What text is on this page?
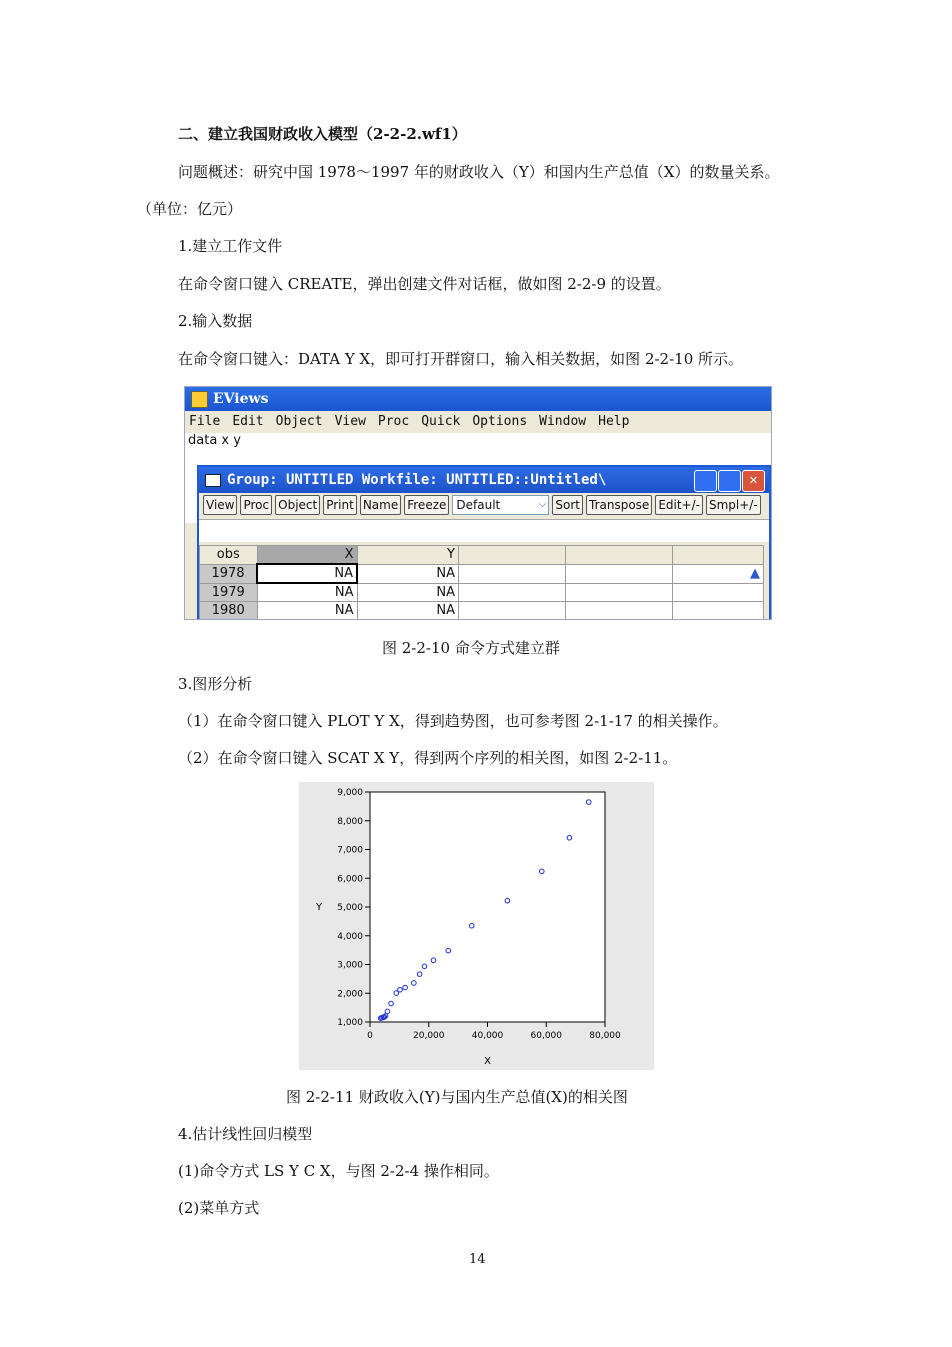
二、建立我国财政收入模型（2-2-2.wf1）
问题概述：研究中国 1978～1997 年的财政收入（Y）和国内生产总值（X）的数量关系。
（单位：亿元）
1.建立工作文件
在命令窗口键入 CREATE，弹出创建文件对话框，做如图 2-2-9 的设置。
2.输入数据
在命令窗口键入：DATA Y X，即可打开群窗口，输入相关数据，如图 2-2-10 所示。
EViews
File Edit Object View Proc Quick Options Window Help
data x y
Group: UNTITLED Workfile: UNTITLED::Untitled\	✕
View Proc Object Print Name Freeze Default ⌵	Sort Transpose Edit+/- Smpl+/-
obs	X	Y			
1978	NA	NA			▲
1979	NA	NA			
1980	NA	NA			
图 2-2-10 命令方式建立群
3.图形分析
（1）在命令窗口键入 PLOT Y X，得到趋势图，也可参考图 2-1-17 的相关操作。
（2）在命令窗口键入 SCAT X Y，得到两个序列的相关图，如图 2-2-11。
1,000
2,000
3,000
4,000
5,000
6,000
7,000
8,000
9,000
0	20,000	40,000	60,000	80,000
X
Y
图 2-2-11 财政收入(Y)与国内生产总值(X)的相关图
4.估计线性回归模型
(1)命令方式 LS Y C X，与图 2-2-4 操作相同。
(2)菜单方式
14
